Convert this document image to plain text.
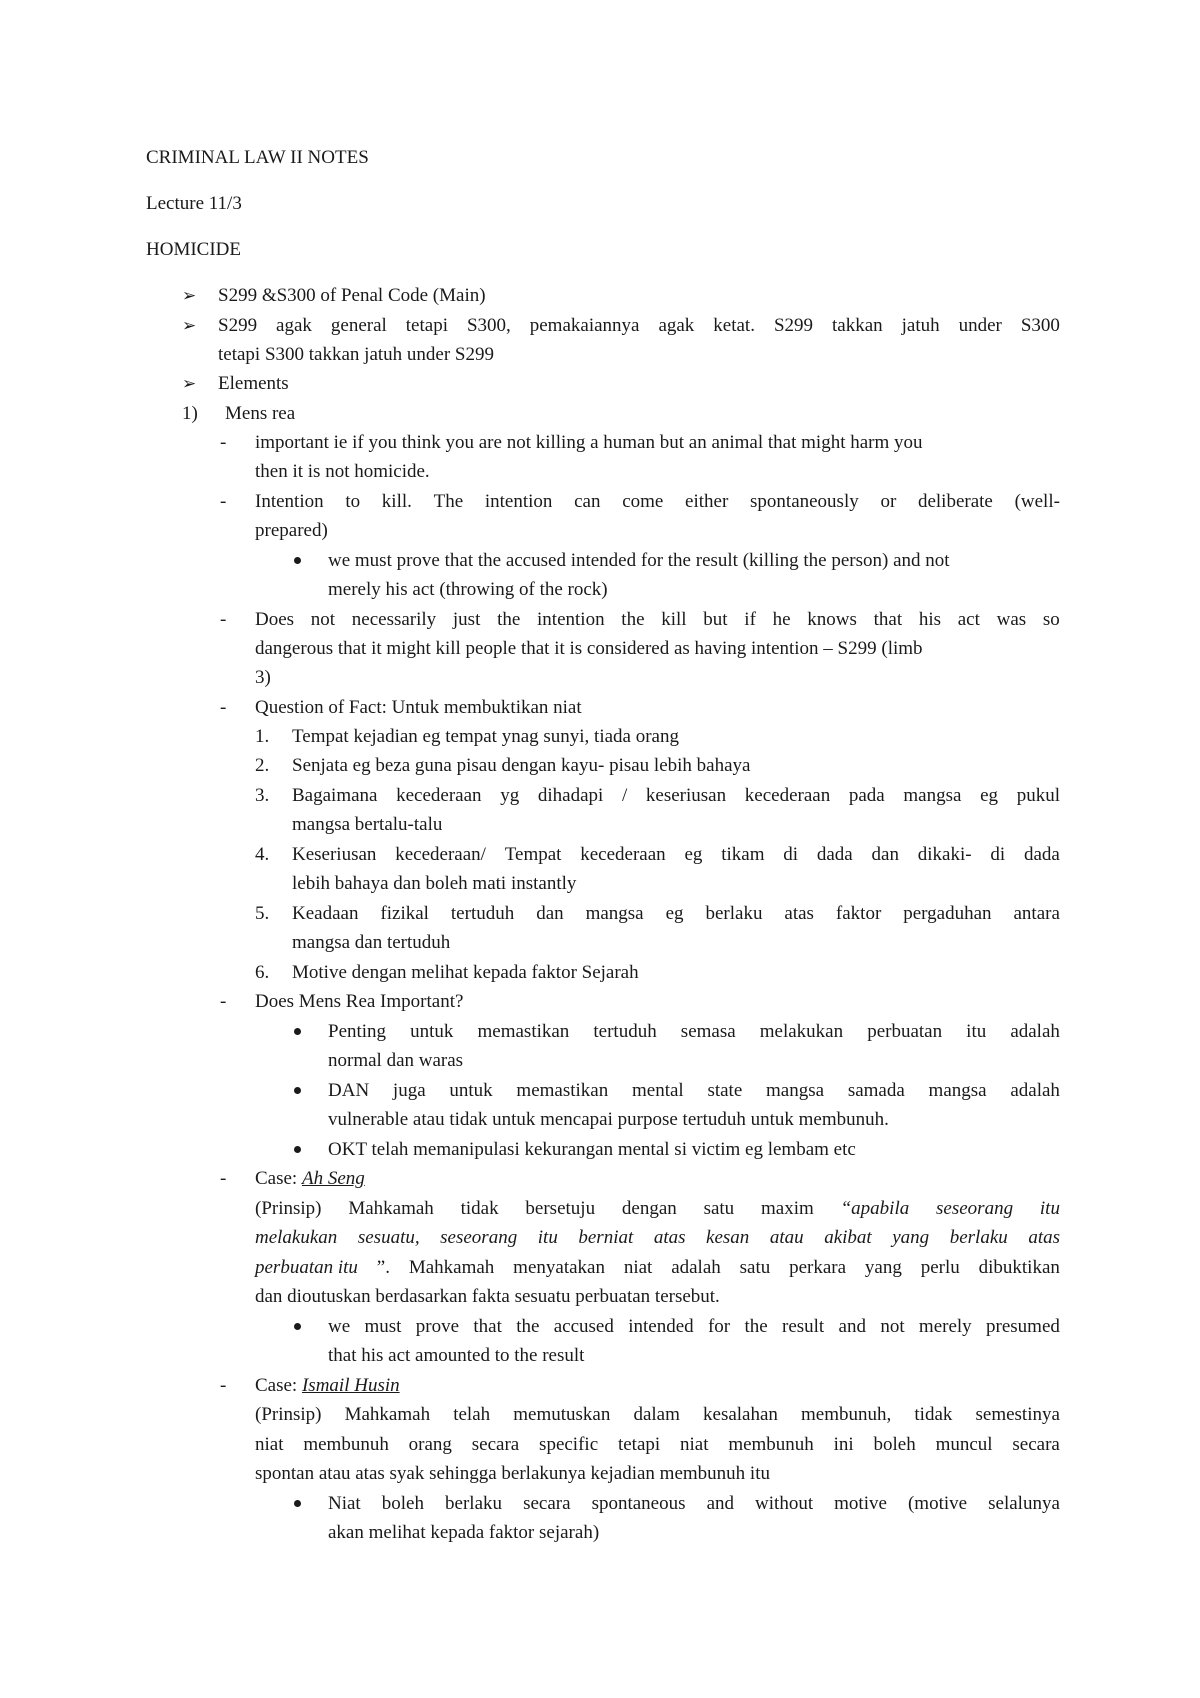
CRIMINAL LAW II NOTES
Lecture 11/3
HOMICIDE
➢ S299 &S300 of Penal Code (Main)
➢ S299 agak general tetapi S300, pemakaiannya agak ketat. S299 takkan jatuh under S300
tetapi S300 takkan jatuh under S299
➢ Elements
1) Mens rea
- important ie if you think you are not killing a human but an animal that might harm you
then it is not homicide.
- Intention to kill. The intention can come either spontaneously or deliberate (well-
prepared)
we must prove that the accused intended for the result (killing the person) and not
merely his act (throwing of the rock)
- Does not necessarily just the intention the kill but if he knows that his act was so
dangerous that it might kill people that it is considered as having intention – S299 (limb
3)
- Question of Fact: Untuk membuktikan niat
1. Tempat kejadian eg tempat ynag sunyi, tiada orang
2. Senjata eg beza guna pisau dengan kayu- pisau lebih bahaya
3. Bagaimana kecederaan yg dihadapi / keseriusan kecederaan pada mangsa eg pukul
mangsa bertalu-talu
4. Keseriusan kecederaan/ Tempat kecederaan eg tikam di dada dan dikaki- di dada
lebih bahaya dan boleh mati instantly
5. Keadaan fizikal tertuduh dan mangsa eg berlaku atas faktor pergaduhan antara
mangsa dan tertuduh
6. Motive dengan melihat kepada faktor Sejarah
- Does Mens Rea Important?
Penting untuk memastikan tertuduh semasa melakukan perbuatan itu adalah
normal dan waras
DAN juga untuk memastikan mental state mangsa samada mangsa adalah
vulnerable atau tidak untuk mencapai purpose tertuduh untuk membunuh.
OKT telah memanipulasi kekurangan mental si victim eg lembam etc
- Case: Ah Seng
(Prinsip) Mahkamah tidak bersetuju dengan satu maxim “apabila seseorang itu
melakukan sesuatu, seseorang itu berniat atas kesan atau akibat yang berlaku atas
perbuatan itu ”. Mahkamah menyatakan niat adalah satu perkara yang perlu dibuktikan
dan dioutuskan berdasarkan fakta sesuatu perbuatan tersebut.
we must prove that the accused intended for the result and not merely presumed
that his act amounted to the result
- Case: Ismail Husin
(Prinsip) Mahkamah telah memutuskan dalam kesalahan membunuh, tidak semestinya
niat membunuh orang secara specific tetapi niat membunuh ini boleh muncul secara
spontan atau atas syak sehingga berlakunya kejadian membunuh itu
Niat boleh berlaku secara spontaneous and without motive (motive selalunya
akan melihat kepada faktor sejarah)
